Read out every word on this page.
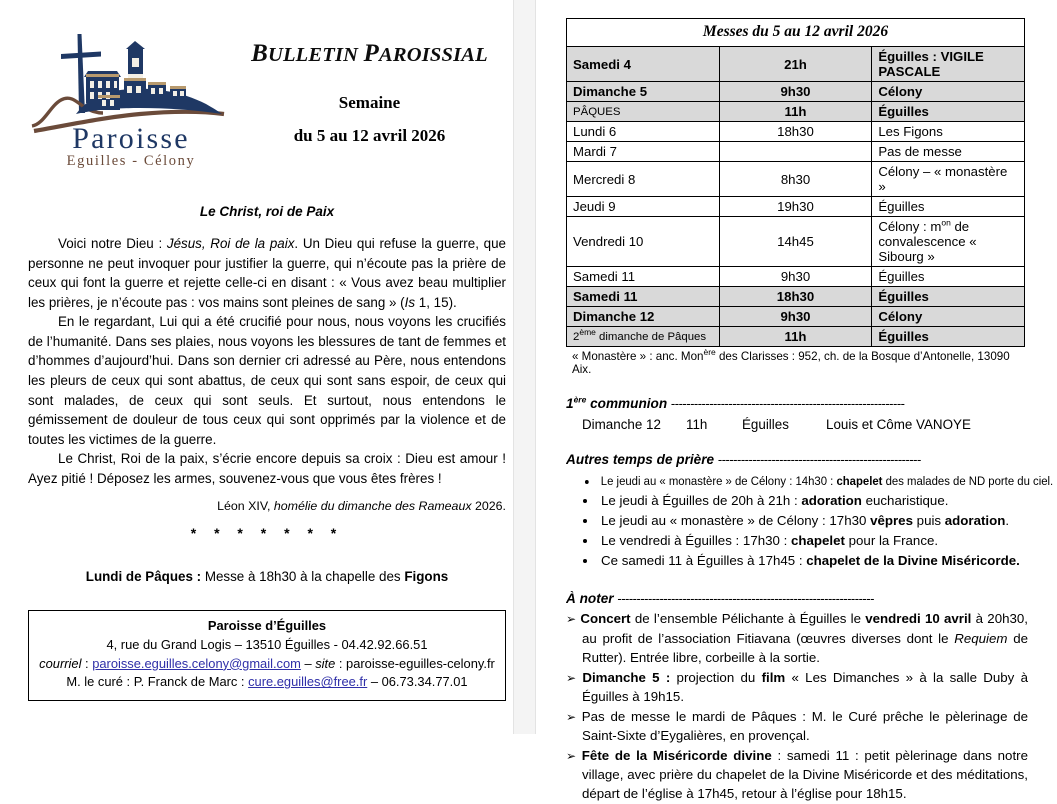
Paroisse
Eguilles - Célony
BULLETIN PAROISSIAL
Semaine
du 5 au 12 avril 2026
Le Christ, roi de Paix

Voici notre Dieu : Jésus, Roi de la paix. Un Dieu qui refuse la guerre, que personne ne peut invoquer pour justifier la guerre, qui n’écoute pas la prière de ceux qui font la guerre et rejette celle-ci en disant : « Vous avez beau multiplier les prières, je n’écoute pas : vos mains sont pleines de sang » (Is 1, 15).

En le regardant, Lui qui a été crucifié pour nous, nous voyons les crucifiés de l’humanité. Dans ses plaies, nous voyons les blessures de tant de femmes et d’hommes d’aujourd’hui. Dans son dernier cri adressé au Père, nous entendons les pleurs de ceux qui sont abattus, de ceux qui sont sans espoir, de ceux qui sont malades, de ceux qui sont seuls. Et surtout, nous entendons le gémissement de douleur de tous ceux qui sont opprimés par la violence et de toutes les victimes de la guerre.

Le Christ, Roi de la paix, s’écrie encore depuis sa croix : Dieu est amour ! Ayez pitié ! Déposez les armes, souvenez-vous que vous êtes frères !

Léon XIV, homélie du dimanche des Rameaux 2026.
* * * * * * *
Lundi de Pâques : Messe à 18h30 à la chapelle des Figons
Paroisse d’Éguilles
4, rue du Grand Logis – 13510 Éguilles - 04.42.92.66.51
courriel : paroisse.eguilles.celony@gmail.com – site : paroisse-eguilles-celony.fr
M. le curé : P. Franck de Marc : cure.eguilles@free.fr – 06.73.34.77.01
Messes du 5 au 12 avril 2026		
Samedi 4	21h	Éguilles : VIGILE PASCALE
Dimanche 5	9h30	Célony
PÂQUES	11h	Éguilles
Lundi 6	18h30	Les Figons
Mardi 7		Pas de messe
Mercredi 8	8h30	Célony – « monastère »
Jeudi 9	19h30	Éguilles
Vendredi 10	14h45	Célony : $m^{on}$ de convalescence « Sibourg »
Samedi 11	9h30	Éguilles
Samedi 11	18h30	Éguilles
Dimanche 12	9h30	Célony
2ème dimanche de Pâques	11h	Éguilles
« Monastère » : anc. Mon$^{ère}$ des Clarisses : 952, ch. de la Bosque d’Antonelle, 13090 Aix.
1ère communion -------------------------------------------------------------
Dimanche 12 11h	Éguilles	Louis et Côme VANOYE
Autres temps de prière -----------------------------------------------------
• Le jeudi au « monastère » de Célony : 14h30 : chapelet des malades de ND porte du ciel.
• Le jeudi à Éguilles de 20h à 21h : adoration eucharistique.
• Le jeudi au « monastère » de Célony : 17h30 vêpres puis adoration.
• Le vendredi à Éguilles : 17h30 : chapelet pour la France.
• Ce samedi 11 à Éguilles à 17h45 : chapelet de la Divine Miséricorde.
À noter -------------------------------------------------------------------

➢ Concert de l’ensemble Pélichante à Éguilles le vendredi 10 avril à 20h30, au profit de l’association Fitiavana (œuvres diverses dont le Requiem de Rutter). Entrée libre, corbeille à la sortie.

➢ Dimanche 5 : projection du film « Les Dimanches » à la salle Duby à Éguilles à 19h15.

➢ Pas de messe le mardi de Pâques : M. le Curé prêche le pèlerinage de Saint-Sixte d’Eygalières, en provençal.

➢ Fête de la Miséricorde divine : samedi 11 : petit pèlerinage dans notre village, avec prière du chapelet de la Divine Miséricorde et des méditations, départ de l’église à 17h45, retour à l’église pour 18h15.
